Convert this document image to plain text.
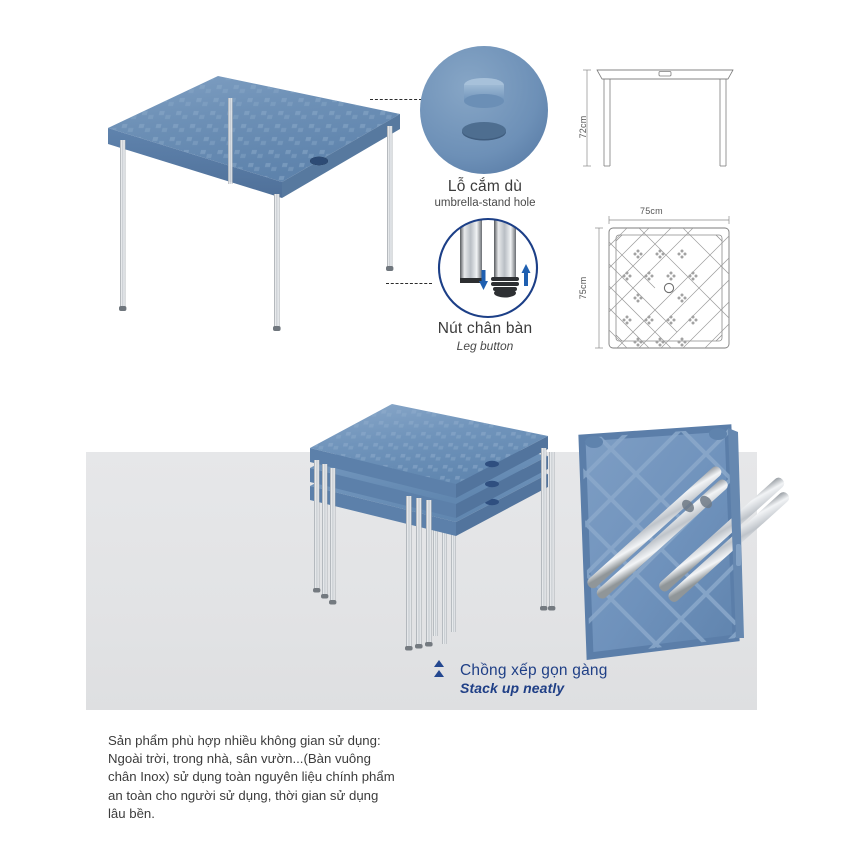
Lỗ cắm dù
umbrella-stand hole
Nút chân bàn
Leg button
72cm
75cm
75cm
Chồng xếp gọn gàng
Stack up neatly
Sản phẩm phù hợp nhiều không gian sử dụng:
Ngoài trời, trong nhà, sân vườn...(Bàn vuông
chân Inox) sử dụng toàn nguyên liệu chính phẩm
an toàn cho người sử dụng, thời gian sử dụng
lâu bền.
